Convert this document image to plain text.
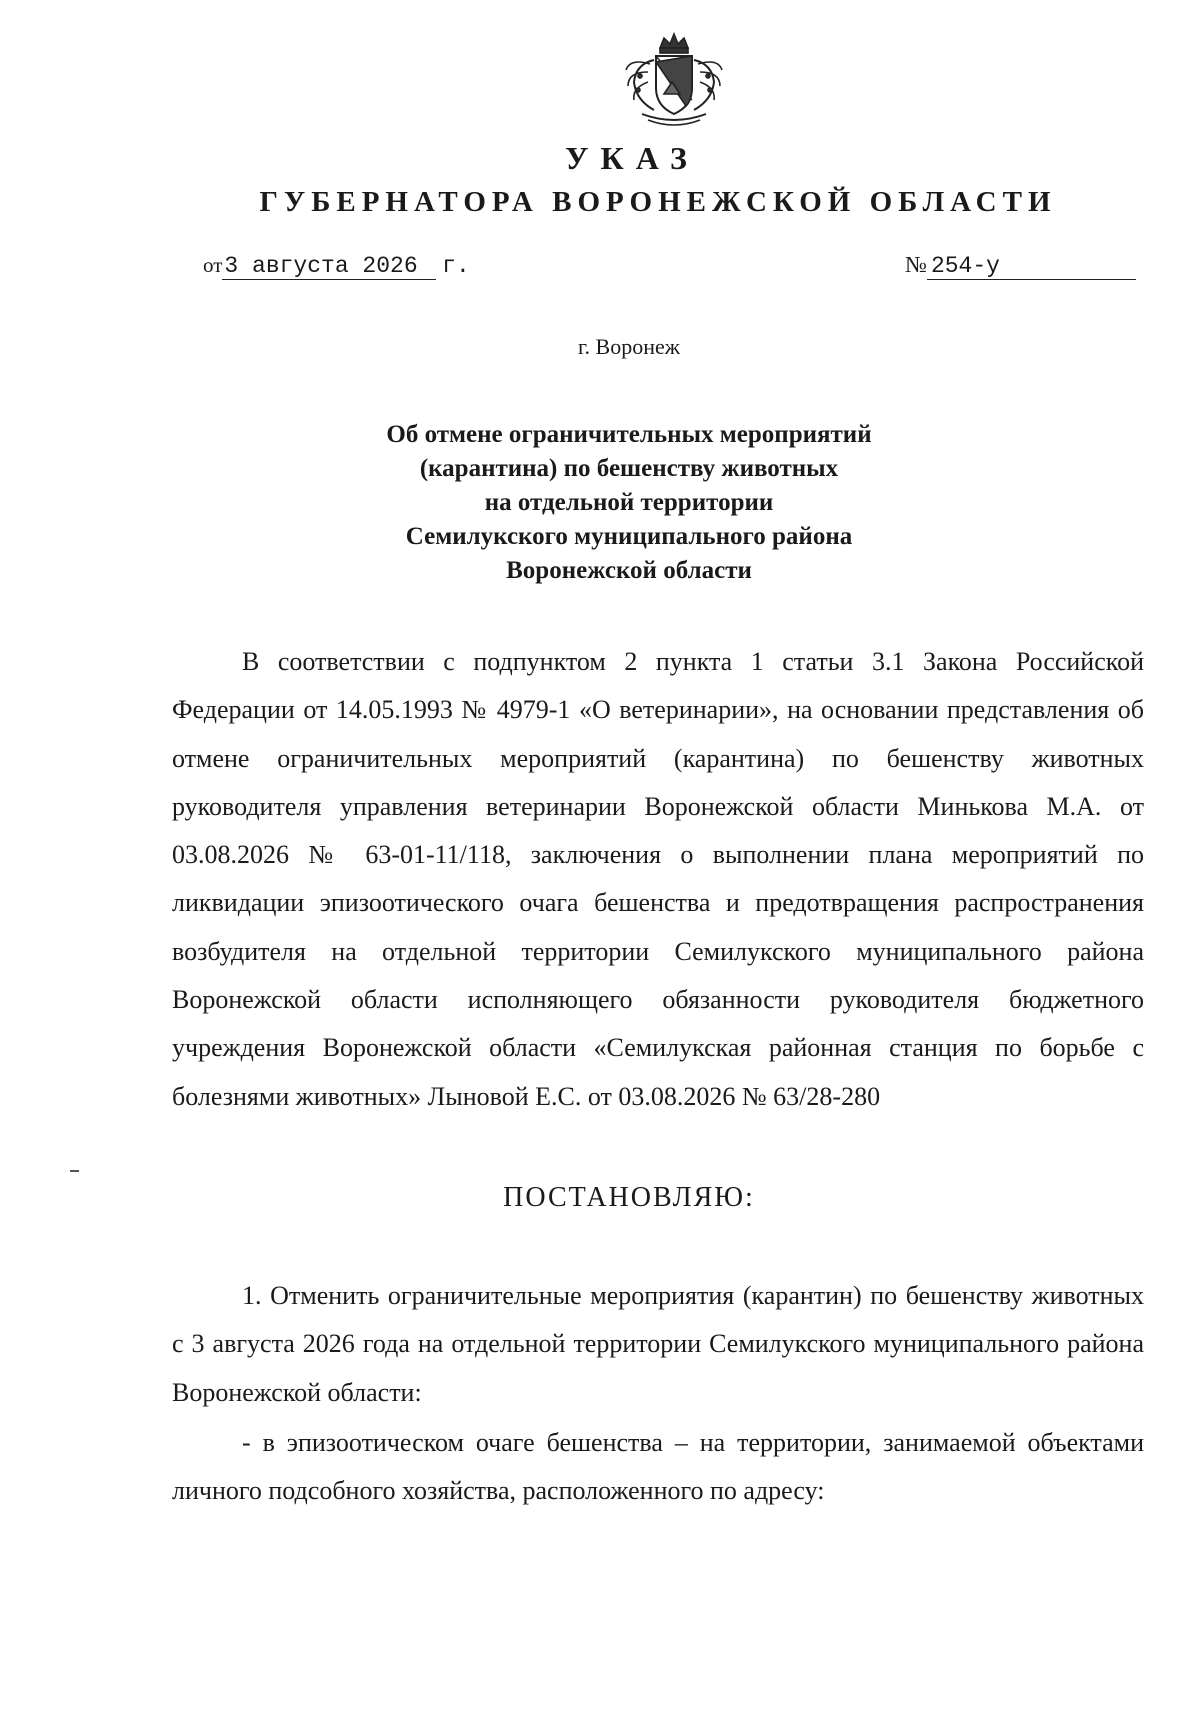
УКАЗ
ГУБЕРНАТОРА ВОРОНЕЖСКОЙ ОБЛАСТИ
от3 августа 2026 г.	№ 254-у
г. Воронеж
Об отмене ограничительных мероприятий
(карантина) по бешенству животных
на отдельной территории
Семилукского муниципального района
Воронежской области
В соответствии с подпунктом 2 пункта 1 статьи 3.1 Закона Российской Федерации от 14.05.1993 № 4979-1 «О ветеринарии», на основании представления об отмене ограничительных мероприятий (карантина) по бешенству животных руководителя управления ветеринарии Воронежской области Минькова М.А. от 03.08.2026 № 63-01-11/118, заключения о выполнении плана мероприятий по ликвидации эпизоотического очага бешенства и предотвращения распространения возбудителя на отдельной территории Семилукского муниципального района Воронежской области исполняющего обязанности руководителя бюджетного учреждения Воронежской области «Семилукская районная станция по борьбе с болезнями животных» Лыновой Е.С. от 03.08.2026 № 63/28-280
ПОСТАНОВЛЯЮ:
1. Отменить ограничительные мероприятия (карантин) по бешенству животных с 3 августа 2026 года на отдельной территории Семилукского муниципального района Воронежской области:
- в эпизоотическом очаге бешенства – на территории, занимаемой объектами личного подсобного хозяйства, расположенного по адресу:
